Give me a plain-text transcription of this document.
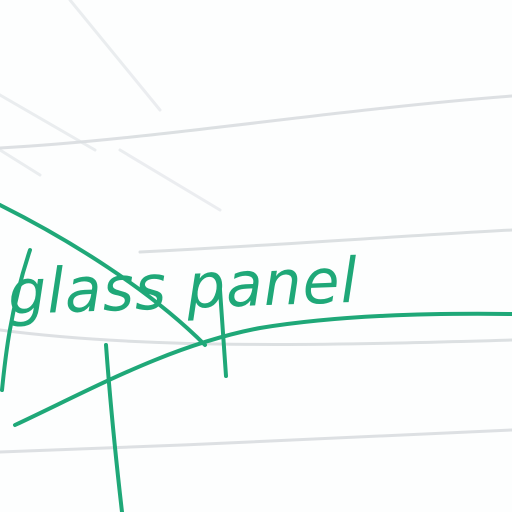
glass panel
